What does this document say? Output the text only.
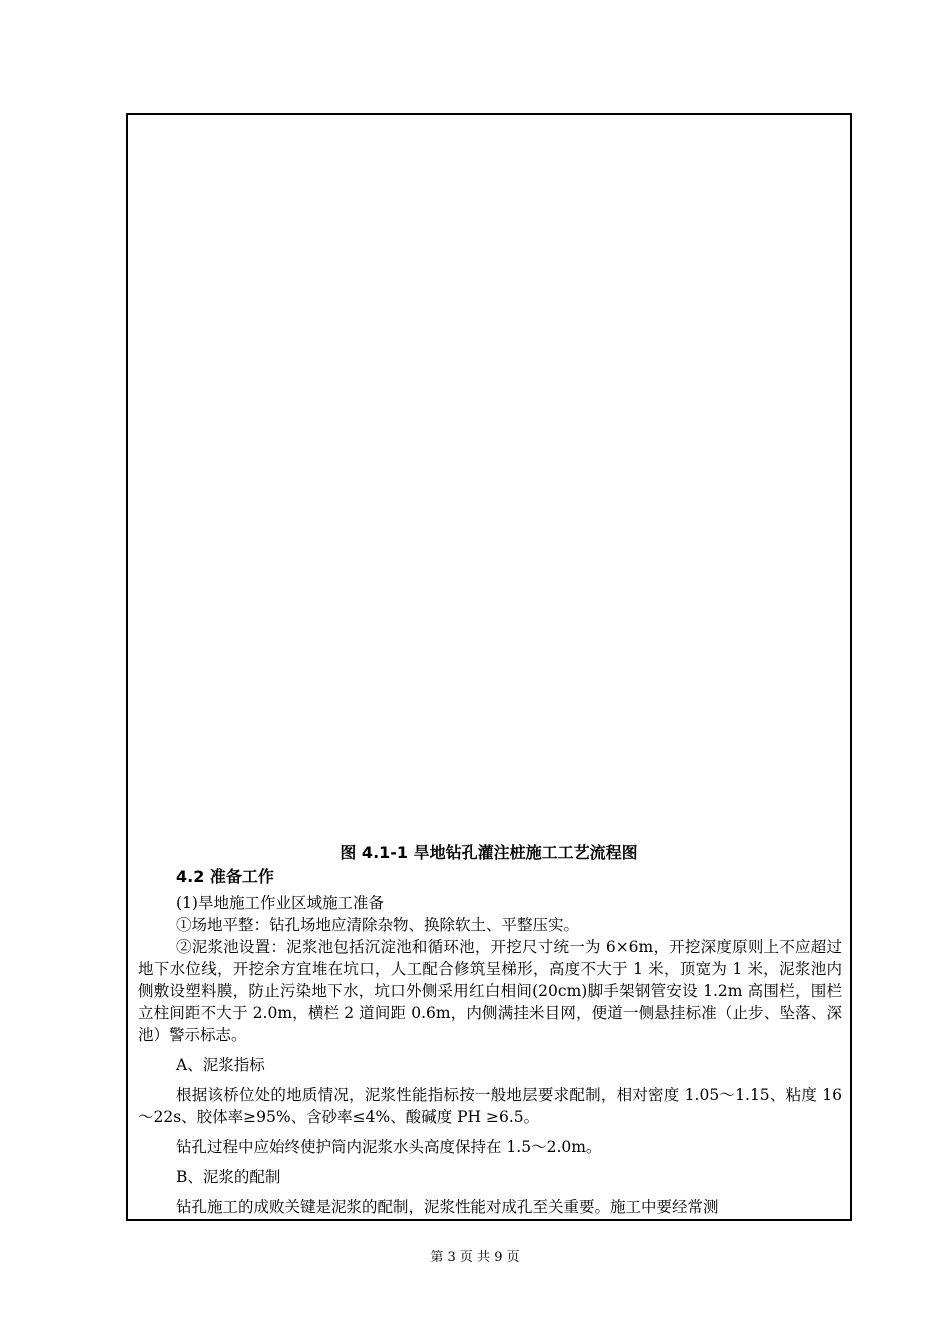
图 4.1-1 旱地钻孔灌注桩施工工艺流程图
4.2 准备工作

(1)旱地施工作业区域施工准备

①场地平整：钻孔场地应清除杂物、换除软土、平整压实。

②泥浆池设置：泥浆池包括沉淀池和循环池，开挖尺寸统一为 6×6m，开挖深度原则上不应超过地下水位线，开挖余方宜堆在坑口，人工配合修筑呈梯形，高度不大于 1 米，顶宽为 1 米，泥浆池内侧敷设塑料膜，防止污染地下水，坑口外侧采用红白相间(20cm)脚手架钢管安设 1.2m 高围栏，围栏立柱间距不大于 2.0m，横栏 2 道间距 0.6m，内侧满挂米目网，便道一侧悬挂标准（止步、坠落、深池）警示标志。

A、泥浆指标

根据该桥位处的地质情况，泥浆性能指标按一般地层要求配制，相对密度 1.05～1.15、粘度 16～22s、胶体率≥95%、含砂率≤4%、酸碱度 PH ≥6.5。

钻孔过程中应始终使护筒内泥浆水头高度保持在 1.5～2.0m。

B、泥浆的配制

钻孔施工的成败关键是泥浆的配制，泥浆性能对成孔至关重要。施工中要经常测

第 3 页 共 9 页
